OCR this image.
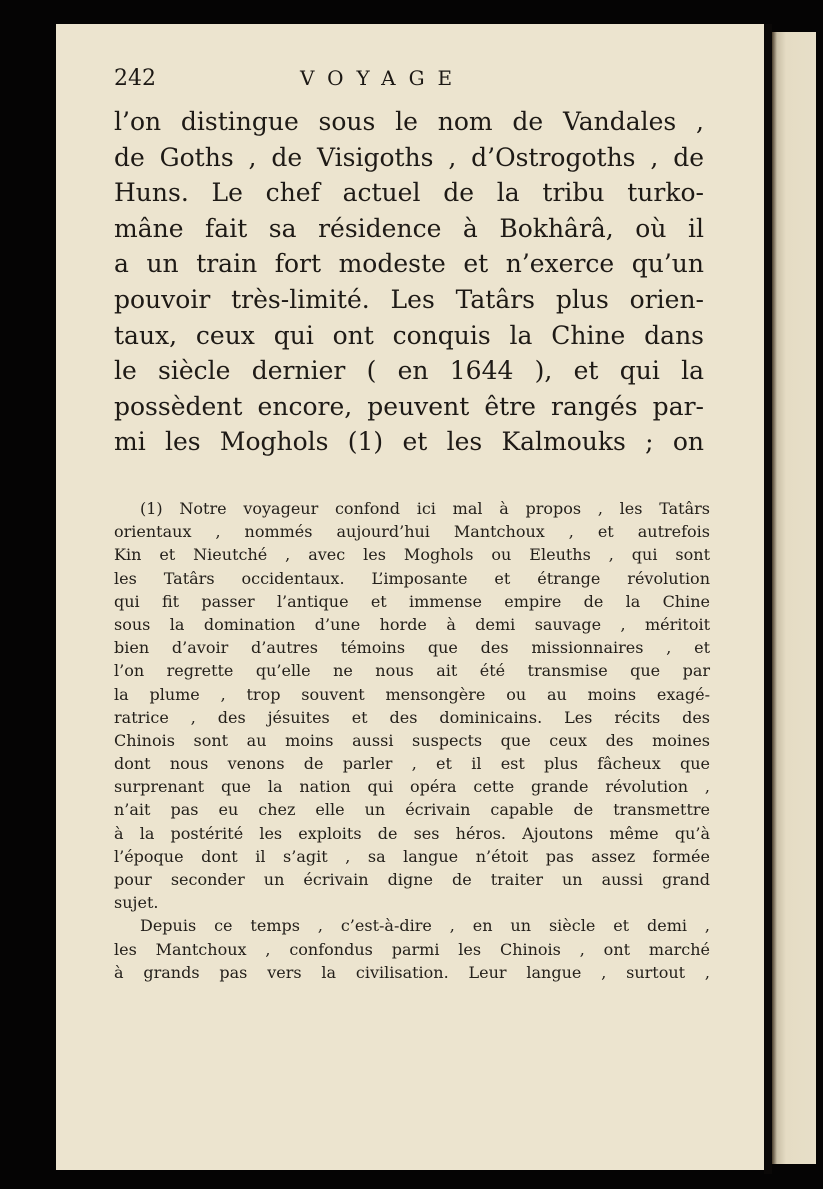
242	VOYAGE
l’on distingue sous le nom de Vandales ,
de Goths , de Visigoths , d’Ostrogoths , de
Huns. Le chef actuel de la tribu turko-
mâne fait sa résidence à Bokhârâ, où il
a un train fort modeste et n’exerce qu’un
pouvoir très-limité. Les Tatârs plus orien-
taux, ceux qui ont conquis la Chine dans
le siècle dernier ( en 1644 ), et qui la
possèdent encore, peuvent être rangés par-
mi les Moghols (1) et les Kalmouks ; on
(1) Notre voyageur confond ici mal à propos , les Tatârs
orientaux , nommés aujourd’hui Mantchoux , et autrefois
Kin et Nieutché , avec les Moghols ou Eleuths , qui sont
les Tatârs occidentaux. L’imposante et étrange révolution
qui fit passer l’antique et immense empire de la Chine
sous la domination d’une horde à demi sauvage , méritoit
bien d’avoir d’autres témoins que des missionnaires , et
l’on regrette qu’elle ne nous ait été transmise que par
la plume , trop souvent mensongère ou au moins exagé-
ratrice , des jésuites et des dominicains. Les récits des
Chinois sont au moins aussi suspects que ceux des moines
dont nous venons de parler , et il est plus fâcheux que
surprenant que la nation qui opéra cette grande révolution ,
n’ait pas eu chez elle un écrivain capable de transmettre
à la postérité les exploits de ses héros. Ajoutons même qu’à
l’époque dont il s’agit , sa langue n’étoit pas assez formée
pour seconder un écrivain digne de traiter un aussi grand
sujet.
Depuis ce temps , c’est-à-dire , en un siècle et demi ,
les Mantchoux , confondus parmi les Chinois , ont marché
à grands pas vers la civilisation. Leur langue , surtout ,
